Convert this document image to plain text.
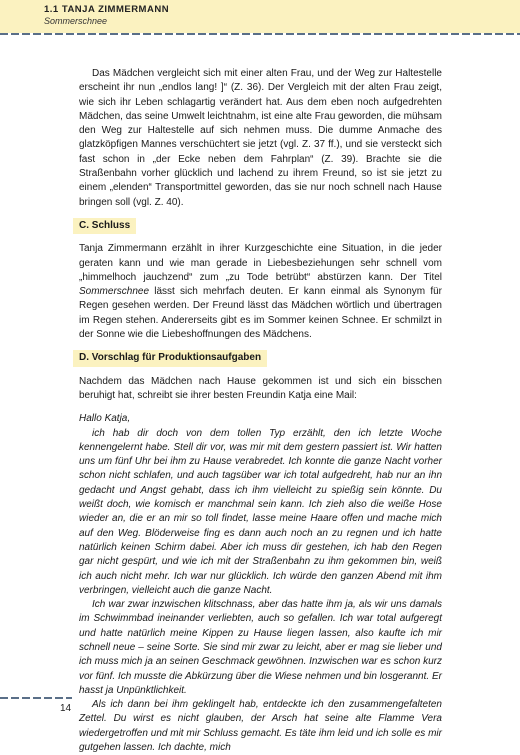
1.1 TANJA ZIMMERMANN
Sommerschnee

Das Mädchen vergleicht sich mit einer alten Frau, und der Weg zur Haltestelle erscheint ihr nun „endlos lang! ]“ (Z. 36). Der Vergleich mit der alten Frau zeigt, wie sich ihr Leben schlagartig verändert hat. Aus dem eben noch aufgedrehten Mädchen, das seine Umwelt leichtnahm, ist eine alte Frau geworden, die mühsam den Weg zur Haltestelle auf sich nehmen muss. Die dumme Anmache des glatzköpfigen Mannes verschüchtert sie jetzt (vgl. Z. 37 ff.), und sie versteckt sich fast schon in „der Ecke neben dem Fahrplan“ (Z. 39). Brachte sie die Straßenbahn vorher glücklich und lachend zu ihrem Freund, so ist sie jetzt zu einem „elenden“ Transportmittel geworden, das sie nur noch schnell nach Hause bringen soll (vgl. Z. 40).

C. Schluss

Tanja Zimmermann erzählt in ihrer Kurzgeschichte eine Situation, in die jeder geraten kann und wie man gerade in Liebesbeziehungen sehr schnell vom „himmelhoch jauchzend“ zum „zu Tode betrübt“ abstürzen kann. Der Titel Sommerschnee lässt sich mehrfach deuten. Er kann einmal als Synonym für Regen gesehen werden. Der Freund lässt das Mädchen wörtlich und übertragen im Regen stehen. Andererseits gibt es im Sommer keinen Schnee. Er schmilzt in der Sonne wie die Liebeshoffnungen des Mädchens.

D. Vorschlag für Produktionsaufgaben

Nachdem das Mädchen nach Hause gekommen ist und sich ein bisschen beruhigt hat, schreibt sie ihrer besten Freundin Katja eine Mail:

Hallo Katja,

ich hab dir doch von dem tollen Typ erzählt, den ich letzte Woche kennengelernt habe. Stell dir vor, was mir mit dem gestern passiert ist. Wir hatten uns um fünf Uhr bei ihm zu Hause verabredet. Ich konnte die ganze Nacht vorher schon nicht schlafen, und auch tagsüber war ich total aufgedreht, hab nur an ihn gedacht und Angst gehabt, dass ich ihm vielleicht zu spießig sein könnte. Du weißt doch, wie komisch er manchmal sein kann. Ich zieh also die weiße Hose wieder an, die er an mir so toll findet, lasse meine Haare offen und mache mich auf den Weg. Blöderweise fing es dann auch noch an zu regnen und ich hatte natürlich keinen Schirm dabei. Aber ich muss dir gestehen, ich hab den Regen gar nicht gespürt, und wie ich mit der Straßenbahn zu ihm gekommen bin, weiß ich auch nicht mehr. Ich war nur glücklich. Ich würde den ganzen Abend mit ihm verbringen, vielleicht auch die ganze Nacht.

Ich war zwar inzwischen klitschnass, aber das hatte ihm ja, als wir uns damals im Schwimmbad ineinander verliebten, auch so gefallen. Ich war total aufgeregt und hatte natürlich meine Kippen zu Hause liegen lassen, also kaufte ich mir schnell neue – seine Sorte. Sie sind mir zwar zu leicht, aber er mag sie lieber und ich muss mich ja an seinen Geschmack gewöhnen. Inzwischen war es schon kurz vor fünf. Ich musste die Abkürzung über die Wiese nehmen und bin losgerannt. Er hasst ja Unpünktlichkeit.

Als ich dann bei ihm geklingelt hab, entdeckte ich den zusammengefalteten Zettel. Du wirst es nicht glauben, der Arsch hat seine alte Flamme Vera wiedergetroffen und mit mir Schluss gemacht. Es täte ihm leid und ich solle es mir gutgehen lassen. Ich dachte, mich

14
